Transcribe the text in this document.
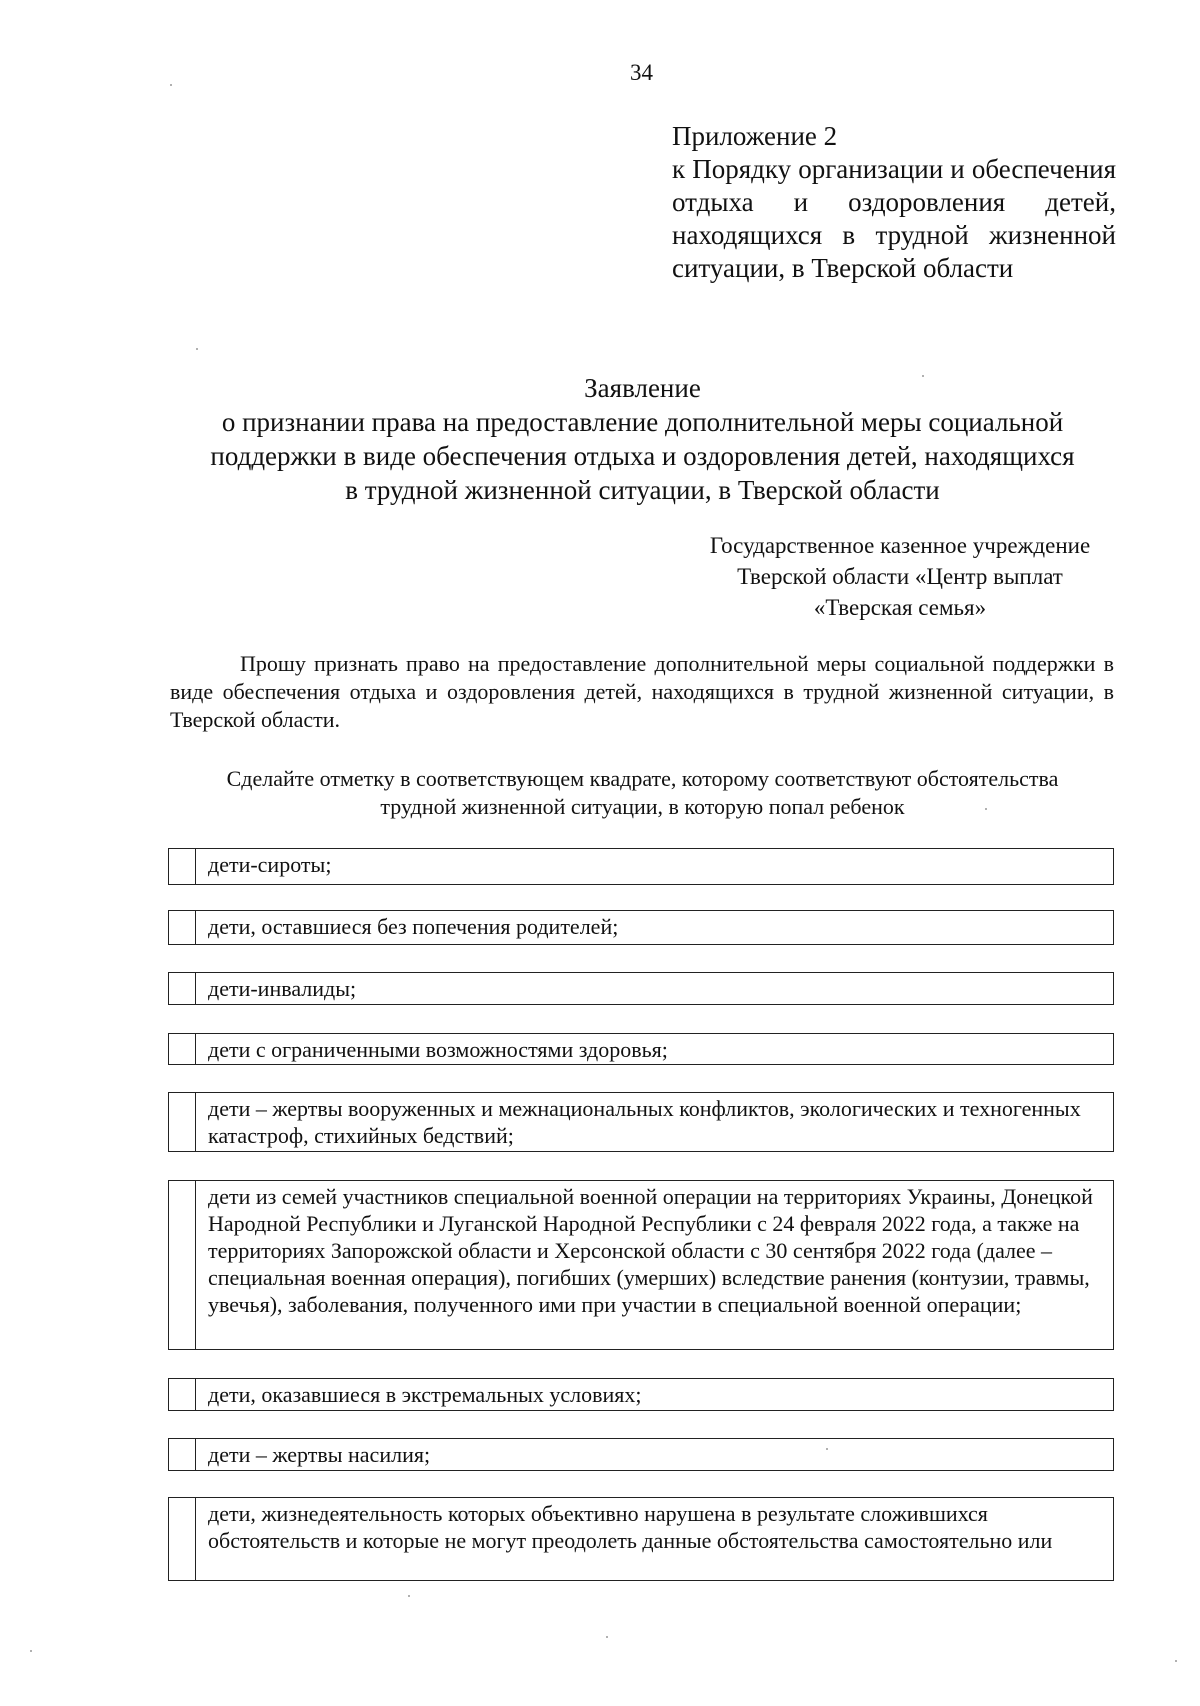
34
Приложение 2
к Порядку организации и обеспечения отдыха и оздоровления детей, находящихся в трудной жизненной ситуации, в Тверской области
Заявление
о признании права на предоставление дополнительной меры социальной
поддержки в виде обеспечения отдыха и оздоровления детей, находящихся
в трудной жизненной ситуации, в Тверской области
Государственное казенное учреждение
Тверской области «Центр выплат
«Тверская семья»
Прошу признать право на предоставление дополнительной меры социальной поддержки в виде обеспечения отдыха и оздоровления детей, находящихся в трудной жизненной ситуации, в Тверской области.
Сделайте отметку в соответствующем квадрате, которому соответствуют обстоятельства
трудной жизненной ситуации, в которую попал ребенок
дети-сироты;
дети, оставшиеся без попечения родителей;
дети-инвалиды;
дети с ограниченными возможностями здоровья;
дети – жертвы вооруженных и межнациональных конфликтов, экологических и техногенных катастроф, стихийных бедствий;
дети из семей участников специальной военной операции на территориях Украины, Донецкой Народной Республики и Луганской Народной Республики с 24 февраля 2022 года, а также на территориях Запорожской области и Херсонской области с 30 сентября 2022 года (далее – специальная военная операция), погибших (умерших) вследствие ранения (контузии, травмы, увечья), заболевания, полученного ими при участии в специальной военной операции;
дети, оказавшиеся в экстремальных условиях;
дети – жертвы насилия;
дети, жизнедеятельность которых объективно нарушена в результате сложившихся обстоятельств и которые не могут преодолеть данные обстоятельства самостоятельно или
